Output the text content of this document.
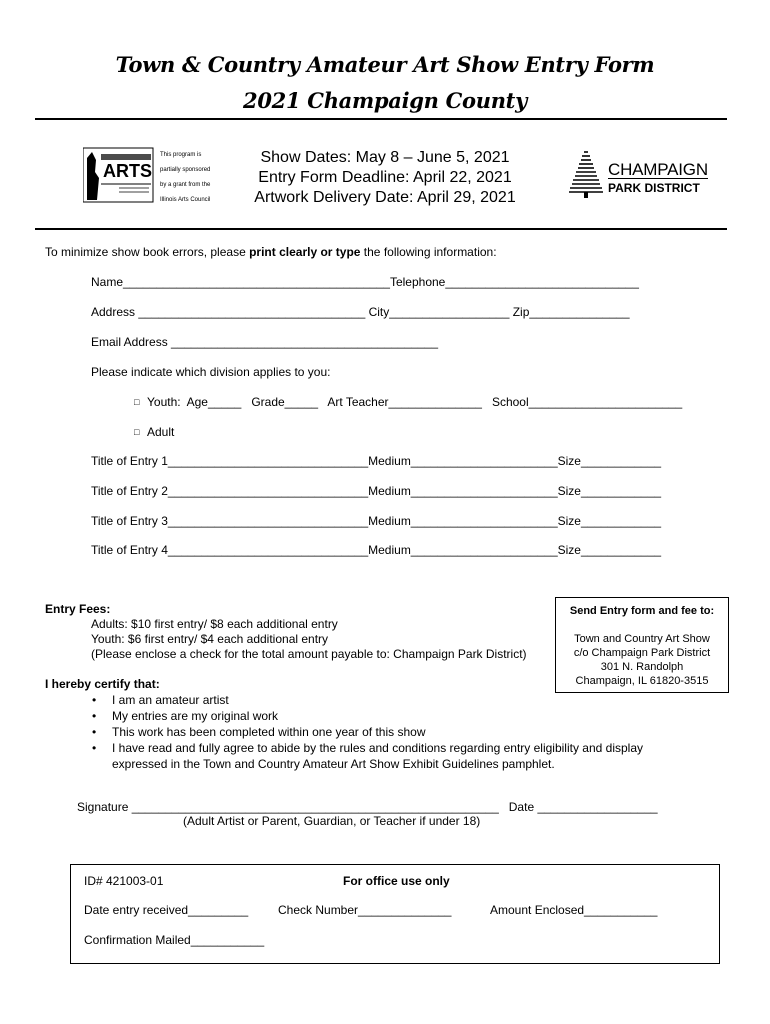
Town & Country Amateur Art Show Entry Form
2021 Champaign County
ARTS
This program is
partially sponsored
by a grant from the
Illinois Arts Council
Show Dates: May 8 – June 5, 2021
Entry Form Deadline: April 22, 2021
Artwork Delivery Date: April 29, 2021
CHAMPAIGN
PARK DISTRICT
To minimize show book errors, please print clearly or type the following information:
Name________________________________________Telephone_____________________________
Address __________________________________ City__________________ Zip_______________
Email Address ________________________________________
Please indicate which division applies to you:
□ Youth:  Age_____   Grade_____   Art Teacher______________   School_______________________
□ Adult
Title of Entry 1______________________________Medium______________________Size____________
Title of Entry 2______________________________Medium______________________Size____________
Title of Entry 3______________________________Medium______________________Size____________
Title of Entry 4______________________________Medium______________________Size____________
Entry Fees:
Adults: $10 first entry/ $8 each additional entry
Youth: $6 first entry/ $4 each additional entry
(Please enclose a check for the total amount payable to: Champaign Park District)
Send Entry form and fee to:
Town and Country Art Show
c/o Champaign Park District
301 N. Randolph
Champaign, IL 61820-3515
I hereby certify that:
• I am an amateur artist
• My entries are my original work
• This work has been completed within one year of this show
• I have read and fully agree to abide by the rules and conditions regarding entry eligibility and display expressed in the Town and Country Amateur Art Show Exhibit Guidelines pamphlet.
Signature _______________________________________________________   Date __________________
(Adult Artist or Parent, Guardian, or Teacher if under 18)
ID# 421003-01	For office use only
Date entry received_________ Check Number______________	Amount Enclosed___________
Confirmation Mailed___________
